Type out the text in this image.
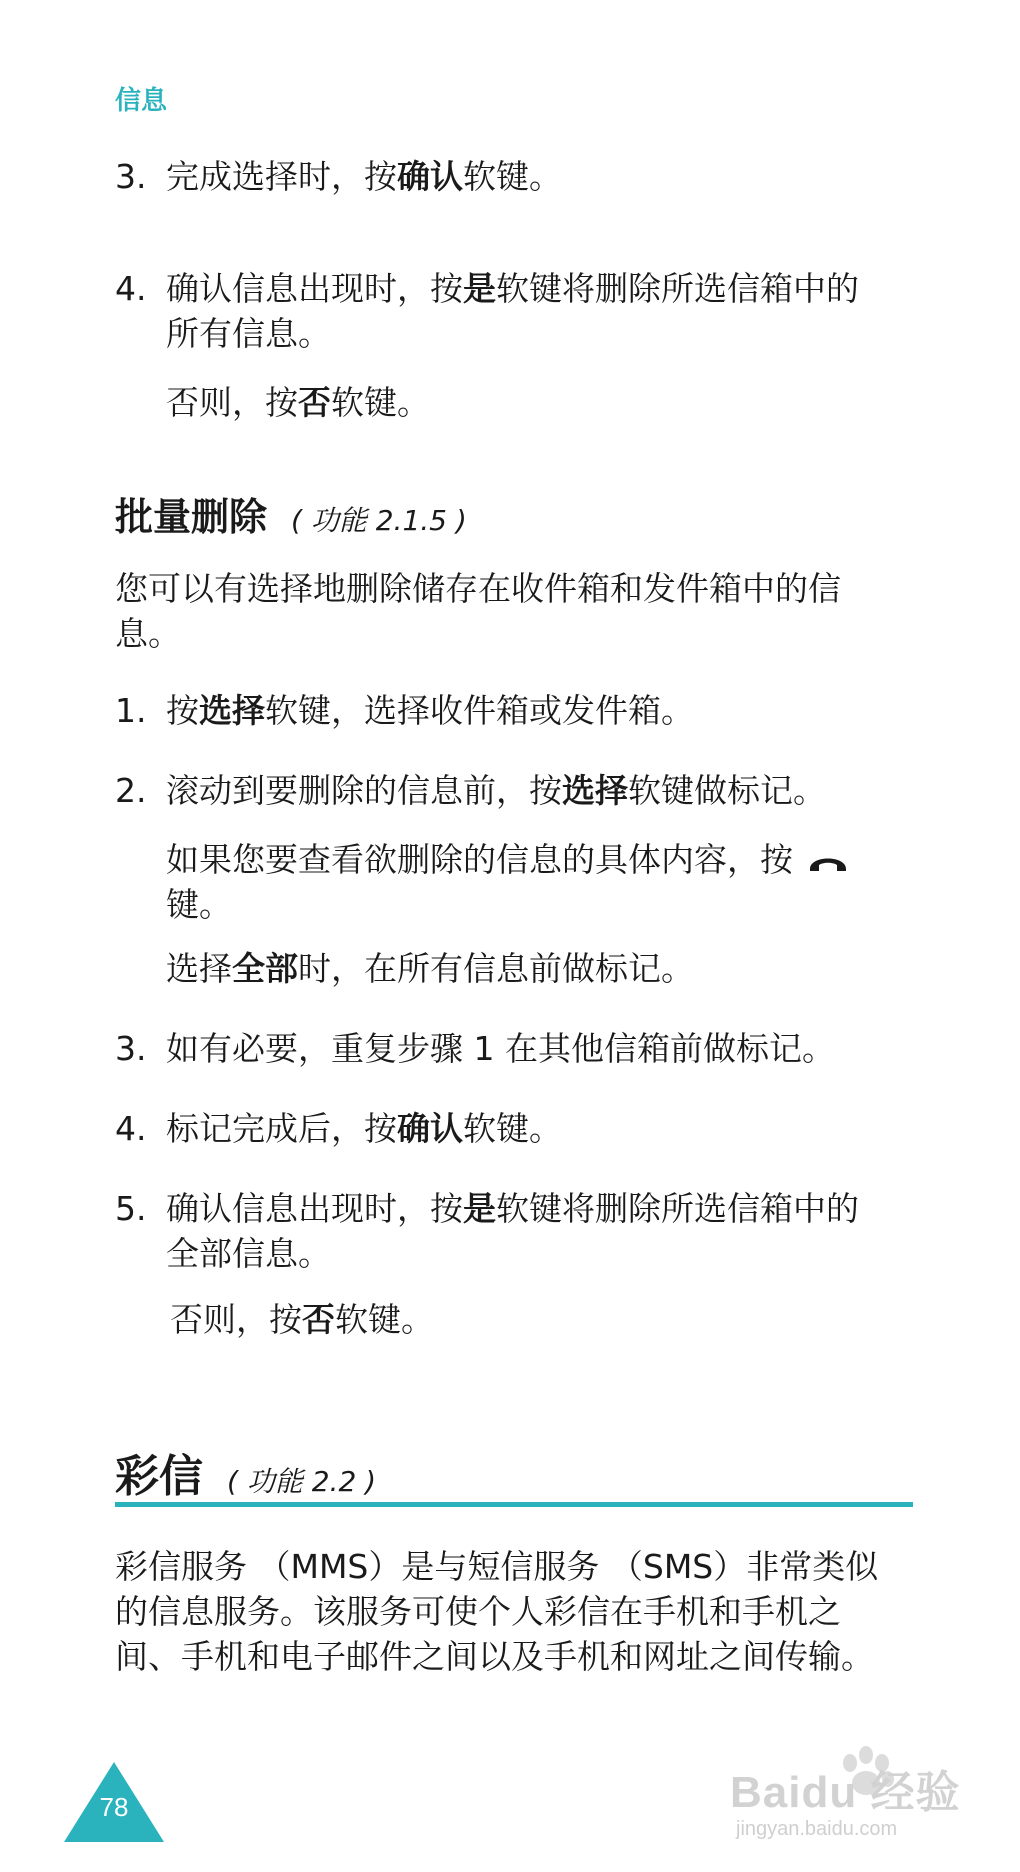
信息
3. 完成选择时，按确认软键。
4. 确认信息出现时，按是软键将删除所选信箱中的
所有信息。
否则，按否软键。
批量删除 ( 功能 2.1.5 )
您可以有选择地删除储存在收件箱和发件箱中的信
息。
1. 按选择软键，选择收件箱或发件箱。
2. 滚动到要删除的信息前，按选择软键做标记。
如果您要查看欲删除的信息的具体内容，按
键。
选择全部时，在所有信息前做标记。
3. 如有必要，重复步骤 1 在其他信箱前做标记。
4. 标记完成后，按确认软键。
5. 确认信息出现时，按是软键将删除所选信箱中的
全部信息。
否则，按否软键。
彩信 ( 功能 2.2 )
彩信服务 （MMS）是与短信服务 （SMS）非常类似
的信息服务。该服务可使个人彩信在手机和手机之
间、手机和电子邮件之间以及手机和网址之间传输。
78	Baidu 经验
jingyan.baidu.com
